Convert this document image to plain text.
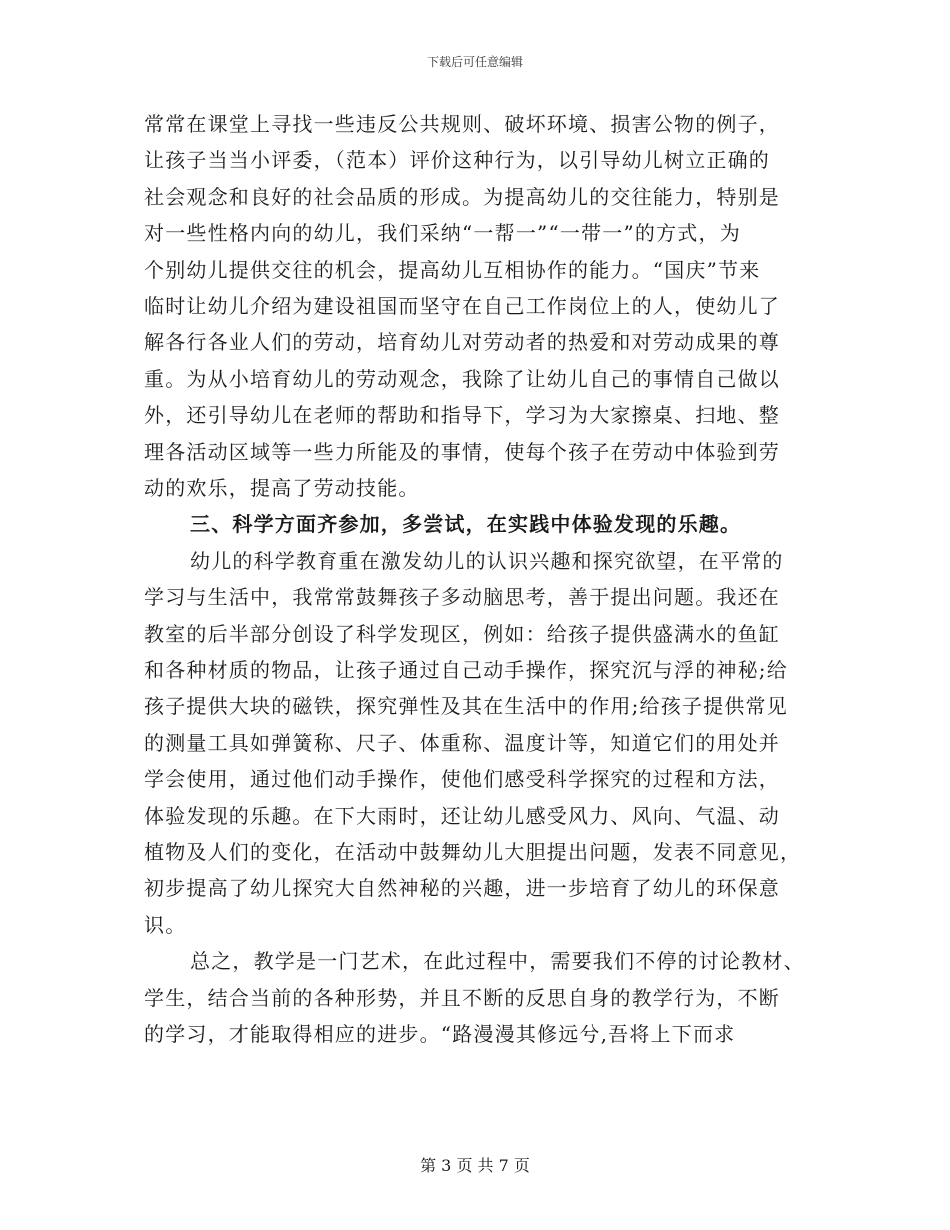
下载后可任意编辑
常常在课堂上寻找一些违反公共规则、破坏环境、损害公物的例子，
让孩子当当小评委，（范本）评价这种行为，以引导幼儿树立正确的
社会观念和良好的社会品质的形成。为提高幼儿的交往能力，特别是
对一些性格内向的幼儿，我们采纳“一帮一”“一带一”的方式，为
个别幼儿提供交往的机会，提高幼儿互相协作的能力。“国庆”节来
临时让幼儿介绍为建设祖国而坚守在自己工作岗位上的人，使幼儿了
解各行各业人们的劳动，培育幼儿对劳动者的热爱和对劳动成果的尊
重。为从小培育幼儿的劳动观念，我除了让幼儿自己的事情自己做以
外，还引导幼儿在老师的帮助和指导下，学习为大家擦桌、扫地、整
理各活动区域等一些力所能及的事情，使每个孩子在劳动中体验到劳
动的欢乐，提高了劳动技能。
三、科学方面齐参加，多尝试，在实践中体验发现的乐趣。
幼儿的科学教育重在激发幼儿的认识兴趣和探究欲望，在平常的
学习与生活中，我常常鼓舞孩子多动脑思考，善于提出问题。我还在
教室的后半部分创设了科学发现区，例如：给孩子提供盛满水的鱼缸
和各种材质的物品，让孩子通过自己动手操作，探究沉与浮的神秘;给
孩子提供大块的磁铁，探究弹性及其在生活中的作用;给孩子提供常见
的测量工具如弹簧称、尺子、体重称、温度计等，知道它们的用处并
学会使用，通过他们动手操作，使他们感受科学探究的过程和方法，
体验发现的乐趣。在下大雨时，还让幼儿感受风力、风向、气温、动
植物及人们的变化，在活动中鼓舞幼儿大胆提出问题，发表不同意见，
初步提高了幼儿探究大自然神秘的兴趣，进一步培育了幼儿的环保意
识。
总之，教学是一门艺术，在此过程中，需要我们不停的讨论教材、
学生，结合当前的各种形势，并且不断的反思自身的教学行为，不断
的学习，才能取得相应的进步。“路漫漫其修远兮,吾将上下而求
第 3 页 共 7 页
